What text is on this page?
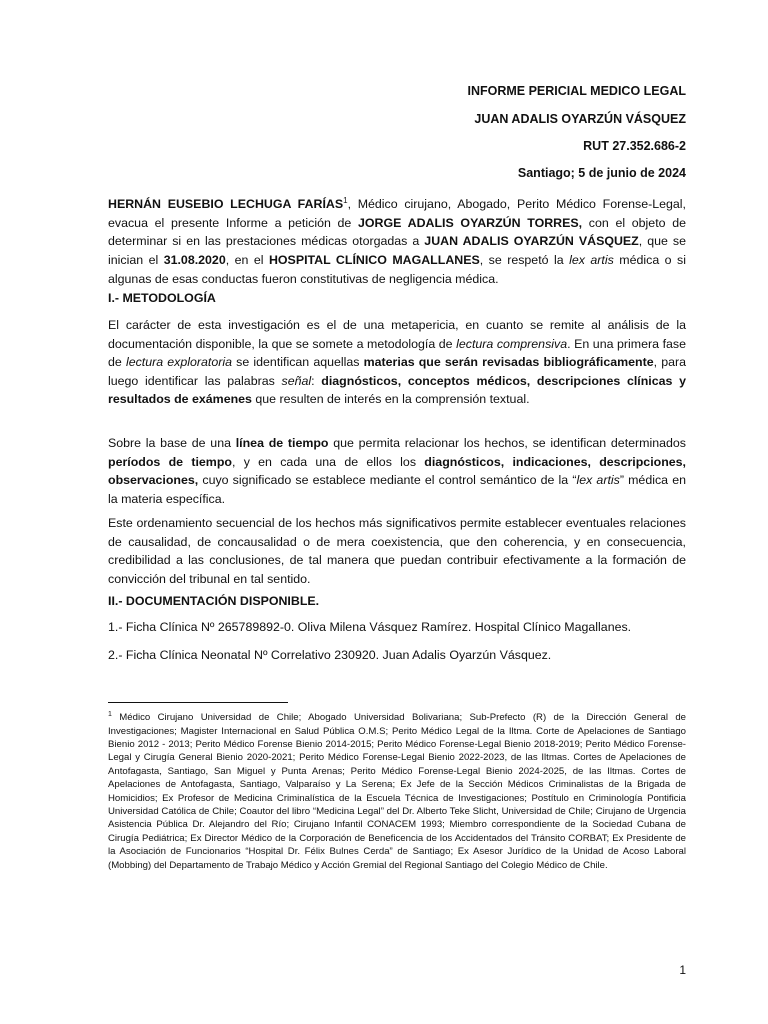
INFORME PERICIAL MEDICO LEGAL
JUAN ADALIS OYARZÚN VÁSQUEZ
RUT 27.352.686-2
Santiago; 5 de junio de 2024
HERNÁN EUSEBIO LECHUGA FARÍAS$^1$, Médico cirujano, Abogado, Perito Médico Forense-Legal, evacua el presente Informe a petición de JORGE ADALIS OYARZÚN TORRES, con el objeto de determinar si en las prestaciones médicas otorgadas a JUAN ADALIS OYARZÚN VÁSQUEZ, que se inician el 31.08.2020, en el HOSPITAL CLÍNICO MAGALLANES, se respetó la lex artis médica o si algunas de esas conductas fueron constitutivas de negligencia médica.
I.- METODOLOGÍA
El carácter de esta investigación es el de una metapericia, en cuanto se remite al análisis de la documentación disponible, la que se somete a metodología de lectura comprensiva. En una primera fase de lectura exploratoria se identifican aquellas materias que serán revisadas bibliográficamente, para luego identificar las palabras señal: diagnósticos, conceptos médicos, descripciones clínicas y resultados de exámenes que resulten de interés en la comprensión textual.
Sobre la base de una línea de tiempo que permita relacionar los hechos, se identifican determinados períodos de tiempo, y en cada una de ellos los diagnósticos, indicaciones, descripciones, observaciones, cuyo significado se establece mediante el control semántico de la “lex artis” médica en la materia específica.
Este ordenamiento secuencial de los hechos más significativos permite establecer eventuales relaciones de causalidad, de concausalidad o de mera coexistencia, que den coherencia, y en consecuencia, credibilidad a las conclusiones, de tal manera que puedan contribuir efectivamente a la formación de convicción del tribunal en tal sentido.
II.- DOCUMENTACIÓN DISPONIBLE.
1.- Ficha Clínica Nº 265789892-0. Oliva Milena Vásquez Ramírez. Hospital Clínico Magallanes.
2.- Ficha Clínica Neonatal Nº Correlativo 230920. Juan Adalis Oyarzún Vásquez.
$^1$ Médico Cirujano Universidad de Chile; Abogado Universidad Bolivariana; Sub-Prefecto (R) de la Dirección General de Investigaciones; Magister Internacional en Salud Pública O.M.S; Perito Médico Legal de la Iltma. Corte de Apelaciones de Santiago Bienio 2012 - 2013; Perito Médico Forense Bienio 2014-2015; Perito Médico Forense-Legal Bienio 2018-2019; Perito Médico Forense-Legal y Cirugía General Bienio 2020-2021; Perito Médico Forense-Legal Bienio 2022-2023, de las Iltmas. Cortes de Apelaciones de Antofagasta, Santiago, San Miguel y Punta Arenas; Perito Médico Forense-Legal Bienio 2024-2025, de las Iltmas. Cortes de Apelaciones de Antofagasta, Santiago, Valparaíso y La Serena; Ex Jefe de la Sección Médicos Criminalistas de la Brigada de Homicidios; Ex Profesor de Medicina Criminalística de la Escuela Técnica de Investigaciones; Postítulo en Criminología Pontificia Universidad Católica de Chile; Coautor del libro “Medicina Legal” del Dr. Alberto Teke Slicht, Universidad de Chile; Cirujano de Urgencia Asistencia Pública Dr. Alejandro del Río; Cirujano Infantil CONACEM 1993; Miembro correspondiente de la Sociedad Cubana de Cirugía Pediátrica; Ex Director Médico de la Corporación de Beneficencia de los Accidentados del Tránsito CORBAT; Ex Presidente de la Asociación de Funcionarios “Hospital Dr. Félix Bulnes Cerda” de Santiago; Ex Asesor Jurídico de la Unidad de Acoso Laboral (Mobbing) del Departamento de Trabajo Médico y Acción Gremial del Regional Santiago del Colegio Médico de Chile.
1
